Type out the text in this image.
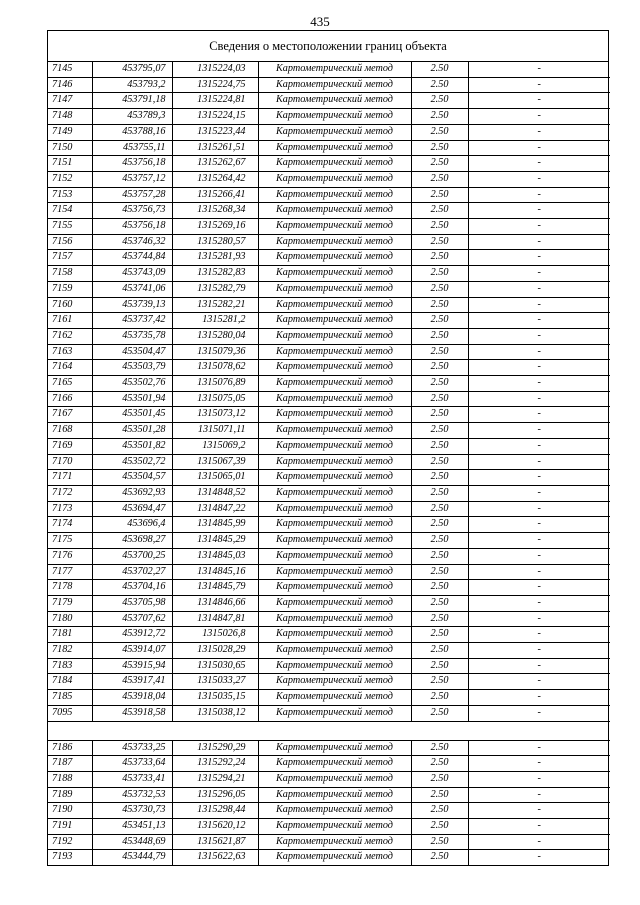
435
Сведения о местоположении границ объекта
7145	453795,07	1315224,03	Картометрический метод	2.50	-
7146	453793,2	1315224,75	Картометрический метод	2.50	-
7147	453791,18	1315224,81	Картометрический метод	2.50	-
7148	453789,3	1315224,15	Картометрический метод	2.50	-
7149	453788,16	1315223,44	Картометрический метод	2.50	-
7150	453755,11	1315261,51	Картометрический метод	2.50	-
7151	453756,18	1315262,67	Картометрический метод	2.50	-
7152	453757,12	1315264,42	Картометрический метод	2.50	-
7153	453757,28	1315266,41	Картометрический метод	2.50	-
7154	453756,73	1315268,34	Картометрический метод	2.50	-
7155	453756,18	1315269,16	Картометрический метод	2.50	-
7156	453746,32	1315280,57	Картометрический метод	2.50	-
7157	453744,84	1315281,93	Картометрический метод	2.50	-
7158	453743,09	1315282,83	Картометрический метод	2.50	-
7159	453741,06	1315282,79	Картометрический метод	2.50	-
7160	453739,13	1315282,21	Картометрический метод	2.50	-
7161	453737,42	1315281,2	Картометрический метод	2.50	-
7162	453735,78	1315280,04	Картометрический метод	2.50	-
7163	453504,47	1315079,36	Картометрический метод	2.50	-
7164	453503,79	1315078,62	Картометрический метод	2.50	-
7165	453502,76	1315076,89	Картометрический метод	2.50	-
7166	453501,94	1315075,05	Картометрический метод	2.50	-
7167	453501,45	1315073,12	Картометрический метод	2.50	-
7168	453501,28	1315071,11	Картометрический метод	2.50	-
7169	453501,82	1315069,2	Картометрический метод	2.50	-
7170	453502,72	1315067,39	Картометрический метод	2.50	-
7171	453504,57	1315065,01	Картометрический метод	2.50	-
7172	453692,93	1314848,52	Картометрический метод	2.50	-
7173	453694,47	1314847,22	Картометрический метод	2.50	-
7174	453696,4	1314845,99	Картометрический метод	2.50	-
7175	453698,27	1314845,29	Картометрический метод	2.50	-
7176	453700,25	1314845,03	Картометрический метод	2.50	-
7177	453702,27	1314845,16	Картометрический метод	2.50	-
7178	453704,16	1314845,79	Картометрический метод	2.50	-
7179	453705,98	1314846,66	Картометрический метод	2.50	-
7180	453707,62	1314847,81	Картометрический метод	2.50	-
7181	453912,72	1315026,8	Картометрический метод	2.50	-
7182	453914,07	1315028,29	Картометрический метод	2.50	-
7183	453915,94	1315030,65	Картометрический метод	2.50	-
7184	453917,41	1315033,27	Картометрический метод	2.50	-
7185	453918,04	1315035,15	Картометрический метод	2.50	-
7095	453918,58	1315038,12	Картометрический метод	2.50	-

7186	453733,25	1315290,29	Картометрический метод	2.50	-
7187	453733,64	1315292,24	Картометрический метод	2.50	-
7188	453733,41	1315294,21	Картометрический метод	2.50	-
7189	453732,53	1315296,05	Картометрический метод	2.50	-
7190	453730,73	1315298,44	Картометрический метод	2.50	-
7191	453451,13	1315620,12	Картометрический метод	2.50	-
7192	453448,69	1315621,87	Картометрический метод	2.50	-
7193	453444,79	1315622,63	Картометрический метод	2.50	-
